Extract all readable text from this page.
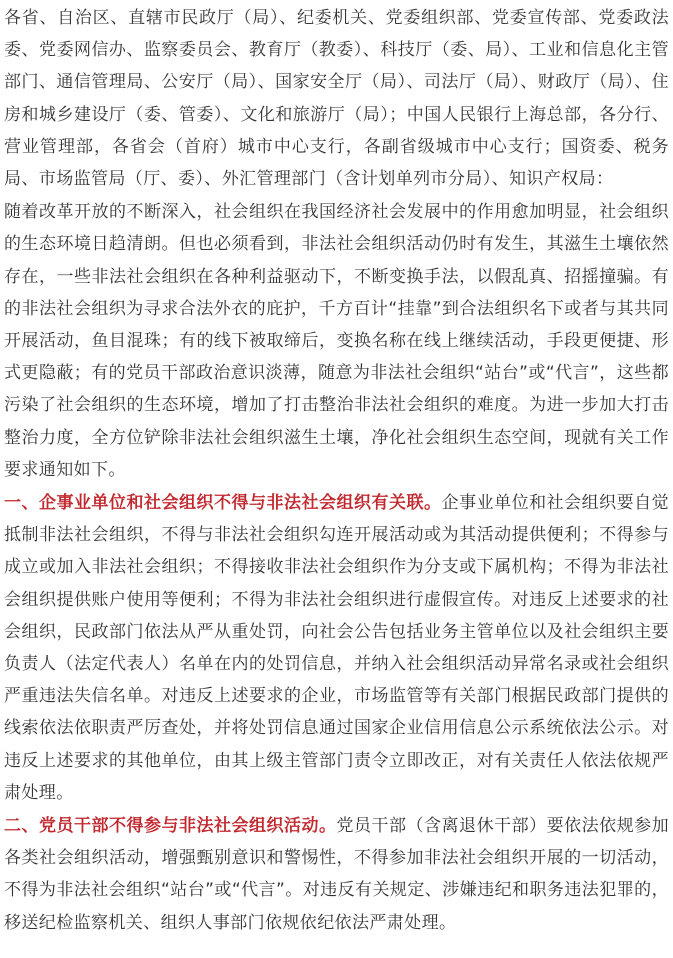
各省、自治区、直辖市民政厅（局）、纪委机关、党委组织部、党委宣传部、党委政法委、党委网信办、监察委员会、教育厅（教委）、科技厅（委、局）、工业和信息化主管部门、通信管理局、公安厅（局）、国家安全厅（局）、司法厅（局）、财政厅（局）、住房和城乡建设厅（委、管委）、文化和旅游厅（局）；中国人民银行上海总部，各分行、营业管理部，各省会（首府）城市中心支行，各副省级城市中心支行；国资委、税务局、市场监管局（厅、委）、外汇管理部门（含计划单列市分局）、知识产权局：

随着改革开放的不断深入，社会组织在我国经济社会发展中的作用愈加明显，社会组织的生态环境日趋清朗。但也必须看到，非法社会组织活动仍时有发生，其滋生土壤依然存在，一些非法社会组织在各种利益驱动下，不断变换手法，以假乱真、招摇撞骗。有的非法社会组织为寻求合法外衣的庇护，千方百计“挂靠”到合法组织名下或者与其共同开展活动，鱼目混珠；有的线下被取缔后，变换名称在线上继续活动，手段更便捷、形式更隐蔽；有的党员干部政治意识淡薄，随意为非法社会组织“站台”或“代言”，这些都污染了社会组织的生态环境，增加了打击整治非法社会组织的难度。为进一步加大打击整治力度，全方位铲除非法社会组织滋生土壤，净化社会组织生态空间，现就有关工作要求通知如下。

一、企事业单位和社会组织不得与非法社会组织有关联。企事业单位和社会组织要自觉抵制非法社会组织，不得与非法社会组织勾连开展活动或为其活动提供便利；不得参与成立或加入非法社会组织；不得接收非法社会组织作为分支或下属机构；不得为非法社会组织提供账户使用等便利；不得为非法社会组织进行虚假宣传。对违反上述要求的社会组织，民政部门依法从严从重处罚，向社会公告包括业务主管单位以及社会组织主要负责人（法定代表人）名单在内的处罚信息，并纳入社会组织活动异常名录或社会组织严重违法失信名单。对违反上述要求的企业，市场监管等有关部门根据民政部门提供的线索依法依职责严厉查处，并将处罚信息通过国家企业信用信息公示系统依法公示。对违反上述要求的其他单位，由其上级主管部门责令立即改正，对有关责任人依法依规严肃处理。

二、党员干部不得参与非法社会组织活动。党员干部（含离退休干部）要依法依规参加各类社会组织活动，增强甄别意识和警惕性，不得参加非法社会组织开展的一切活动，不得为非法社会组织“站台”或“代言”。对违反有关规定、涉嫌违纪和职务违法犯罪的，移送纪检监察机关、组织人事部门依规依纪依法严肃处理。
